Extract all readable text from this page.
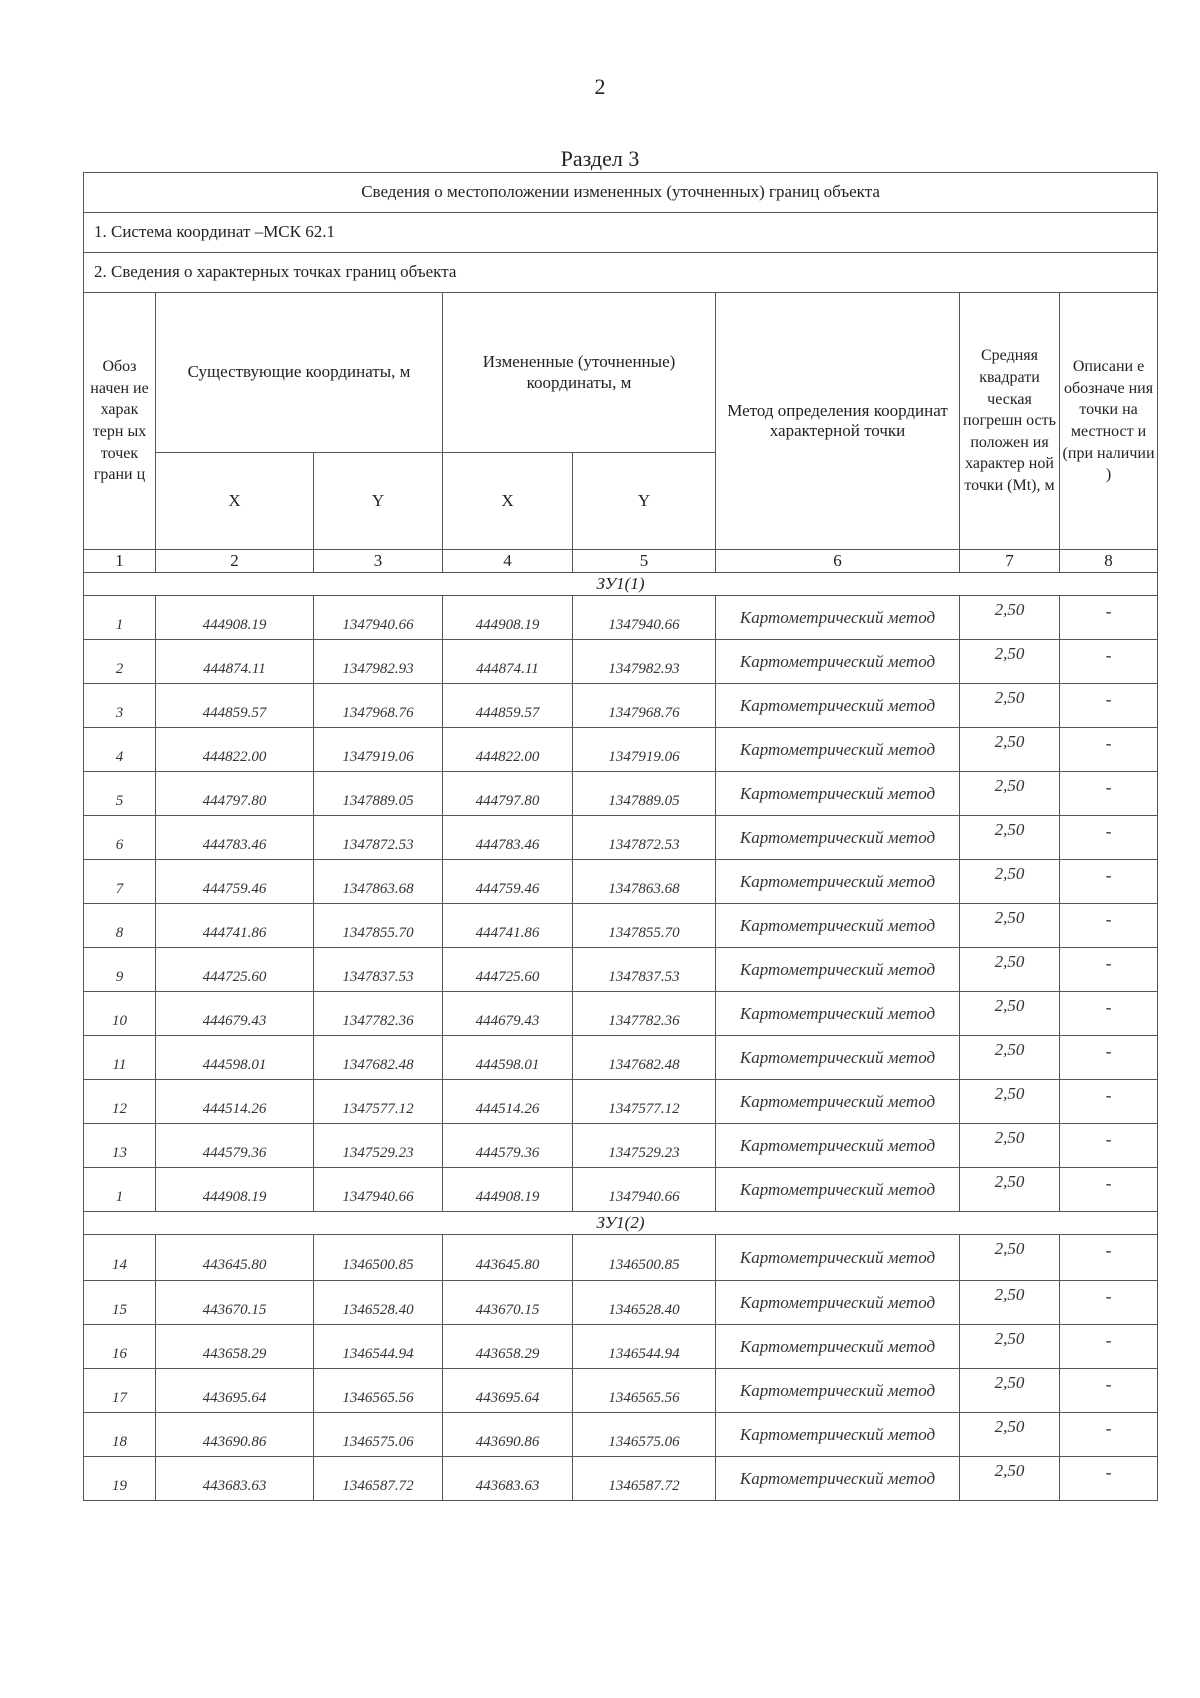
2
Раздел 3
Сведения о местоположении измененных (уточненных) границ объекта							
1. Система координат –МСК 62.1							
2. Сведения о характерных точках границ объекта							
Обоз начен ие харак терн ых точек грани ц	Существующие координаты, м		Измененные (уточненные) координаты, м		Метод определения координат характерной точки	Средняя квадрати ческая погрешн ость положен ия характер ной точки (Mt), м	Описани е обозначе ния точки на местност и (при наличии )
	X	Y	X	Y			
1	2	3	4	5	6	7	8
ЗУ1(1)							
1	444908.19	1347940.66	444908.19	1347940.66	Картометрический метод	2,50	-
2	444874.11	1347982.93	444874.11	1347982.93	Картометрический метод	2,50	-
3	444859.57	1347968.76	444859.57	1347968.76	Картометрический метод	2,50	-
4	444822.00	1347919.06	444822.00	1347919.06	Картометрический метод	2,50	-
5	444797.80	1347889.05	444797.80	1347889.05	Картометрический метод	2,50	-
6	444783.46	1347872.53	444783.46	1347872.53	Картометрический метод	2,50	-
7	444759.46	1347863.68	444759.46	1347863.68	Картометрический метод	2,50	-
8	444741.86	1347855.70	444741.86	1347855.70	Картометрический метод	2,50	-
9	444725.60	1347837.53	444725.60	1347837.53	Картометрический метод	2,50	-
10	444679.43	1347782.36	444679.43	1347782.36	Картометрический метод	2,50	-
11	444598.01	1347682.48	444598.01	1347682.48	Картометрический метод	2,50	-
12	444514.26	1347577.12	444514.26	1347577.12	Картометрический метод	2,50	-
13	444579.36	1347529.23	444579.36	1347529.23	Картометрический метод	2,50	-
1	444908.19	1347940.66	444908.19	1347940.66	Картометрический метод	2,50	-
ЗУ1(2)							
14	443645.80	1346500.85	443645.80	1346500.85	Картометрический метод	2,50	-
15	443670.15	1346528.40	443670.15	1346528.40	Картометрический метод	2,50	-
16	443658.29	1346544.94	443658.29	1346544.94	Картометрический метод	2,50	-
17	443695.64	1346565.56	443695.64	1346565.56	Картометрический метод	2,50	-
18	443690.86	1346575.06	443690.86	1346575.06	Картометрический метод	2,50	-
19	443683.63	1346587.72	443683.63	1346587.72	Картометрический метод	2,50	-
